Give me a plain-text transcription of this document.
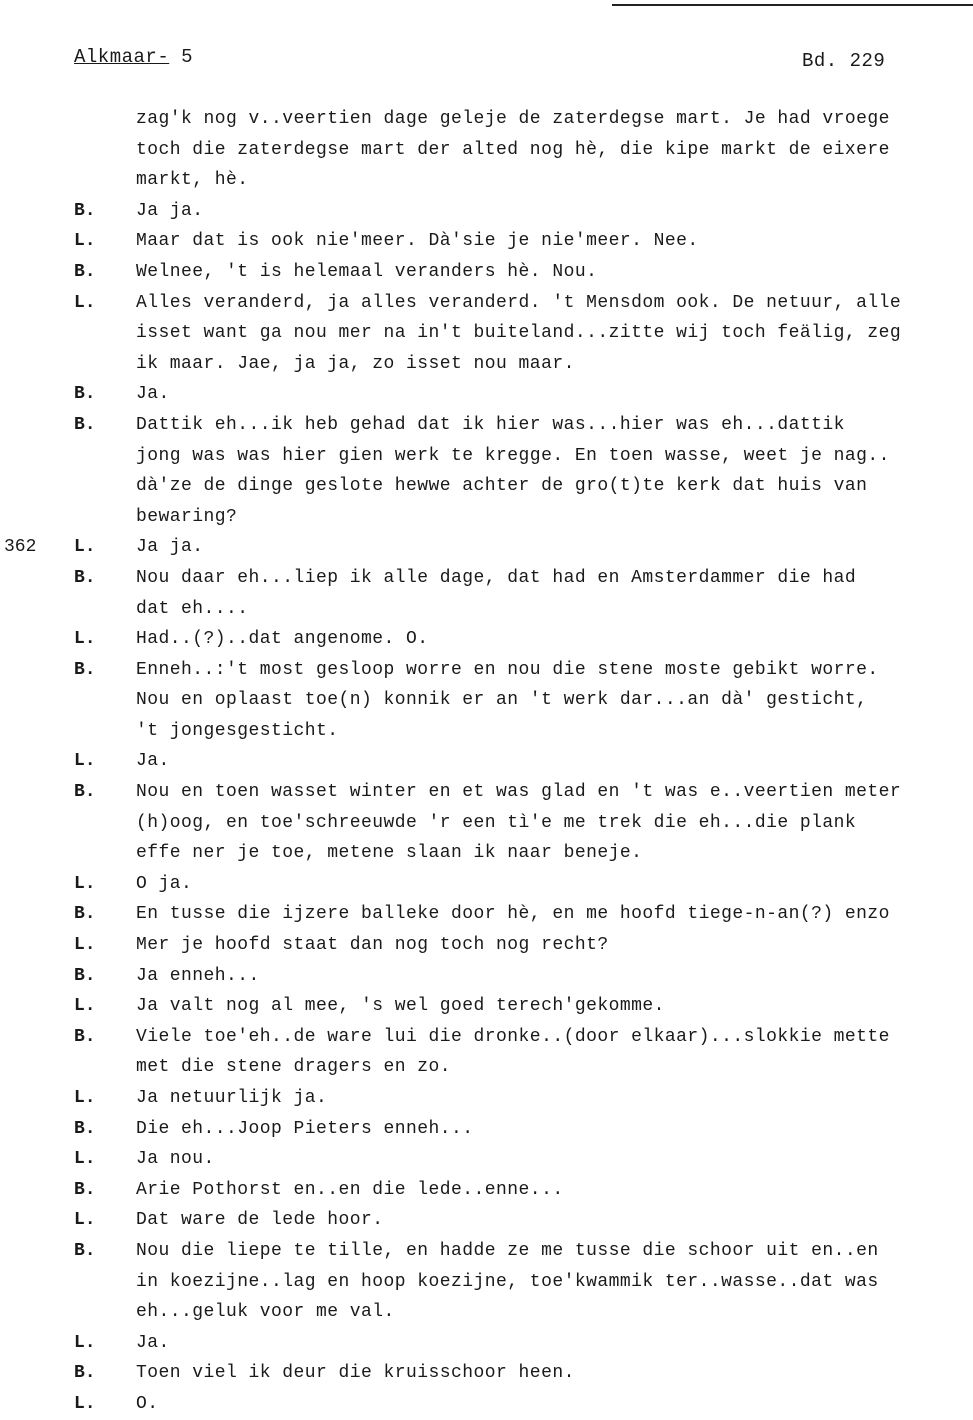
Alkmaar- 5	Bd. 229
zag'k nog v..veertien dage geleje de zaterdegse mart. Je had vroege
toch die zaterdegse mart der alted nog hè, die kipe markt de eixere
markt, hè.
B. Ja ja.
L. Maar dat is ook nie'meer. Dà'sie je nie'meer. Nee.
B. Welnee, 't is helemaal veranders hè. Nou.
L. Alles veranderd, ja alles veranderd. 't Mensdom ook. De netuur, alle
isset want ga nou mer na in't buiteland...zitte wij toch feälig, zeg
ik maar. Jae, ja ja, zo isset nou maar.
B. Ja.
B. Dattik eh...ik heb gehad dat ik hier was...hier was eh...dattik
jong was was hier gien werk te kregge. En toen wasse, weet je nag..
dà'ze de dinge geslote hewwe achter de gro(t)te kerk dat huis van
bewaring?
362 L. Ja ja.
B. Nou daar eh...liep ik alle dage, dat had en Amsterdammer die had
dat eh....
L. Had..(?)..dat angenome. O.
B. Enneh..:'t most gesloop worre en nou die stene moste gebikt worre.
Nou en oplaast toe(n) konnik er an 't werk dar...an dà' gesticht,
't jongesgesticht.
L. Ja.
B. Nou en toen wasset winter en et was glad en 't was e..veertien meter
(h)oog, en toe'schreeuwde 'r een tì'e me trek die eh...die plank
effe ner je toe, metene slaan ik naar beneje.
L. O ja.
B. En tusse die ijzere balleke door hè, en me hoofd tiege-n-an(?) enzo
L. Mer je hoofd staat dan nog toch nog recht?
B. Ja enneh...
L. Ja valt nog al mee, 's wel goed terech'gekomme.
B. Viele toe'eh..de ware lui die dronke..(door elkaar)...slokkie mette
met die stene dragers en zo.
L. Ja netuurlijk ja.
B. Die eh...Joop Pieters enneh...
L. Ja nou.
B. Arie Pothorst en..en die lede..enne...
L. Dat ware de lede hoor.
B. Nou die liepe te tille, en hadde ze me tusse die schoor uit en..en
in koezijne..lag en hoop koezijne, toe'kwammik ter..wasse..dat was
eh...geluk voor me val.
L. Ja.
B. Toen viel ik deur die kruisschoor heen.
L. O.
